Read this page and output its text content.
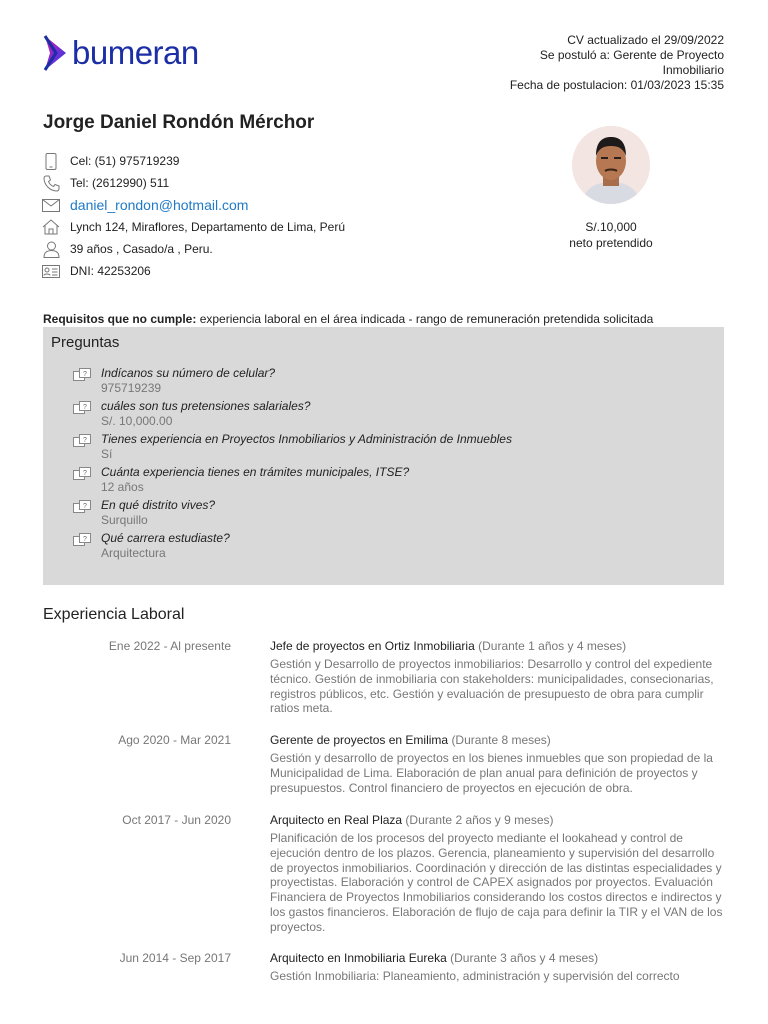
bumeran	CV actualizado el 29/09/2022
Se postuló a: Gerente de Proyecto
Inmobiliario
Fecha de postulacion: 01/03/2023 15:35
Jorge Daniel Rondón Mérchor
Cel: (51) 975719239
Tel: (2612990) 511
daniel_rondon@hotmail.com
Lynch 124, Miraflores, Departamento de Lima, Perú
39 años , Casado/a , Peru.
DNI: 42253206
S/.10,000
neto pretendido
Requisitos que no cumple: experiencia laboral en el área indicada - rango de remuneración pretendida solicitada
Preguntas
? Indícanos su número de celular?
975719239
? cuáles son tus pretensiones salariales?
S/. 10,000.00
? Tienes experiencia en Proyectos Inmobiliarios y Administración de Inmuebles
Sí
? Cuánta experiencia tienes en trámites municipales, ITSE?
12 años
? En qué distrito vives?
Surquillo
? Qué carrera estudiaste?
Arquitectura
Experiencia Laboral
Ene 2022 - Al presente	Jefe de proyectos en Ortiz Inmobiliaria (Durante 1 años y 4 meses)
Gestión y Desarrollo de proyectos inmobiliarios: Desarrollo y control del expediente técnico. Gestión de inmobiliaria con stakeholders: municipalidades, consecionarias, registros públicos, etc. Gestión y evaluación de presupuesto de obra para cumplir ratios meta.
Ago 2020 - Mar 2021	Gerente de proyectos en Emilima (Durante 8 meses)
Gestión y desarrollo de proyectos en los bienes inmuebles que son propiedad de la Municipalidad de Lima. Elaboración de plan anual para definición de proyectos y presupuestos. Control financiero de proyectos en ejecución de obra.
Oct 2017 - Jun 2020	Arquitecto en Real Plaza (Durante 2 años y 9 meses)
Planificación de los procesos del proyecto mediante el lookahead y control de ejecución dentro de los plazos. Gerencia, planeamiento y supervisión del desarrollo de proyectos inmobiliarios. Coordinación y dirección de las distintas especialidades y proyectistas. Elaboración y control de CAPEX asignados por proyectos. Evaluación Financiera de Proyectos Inmobiliarios considerando los costos directos e indirectos y los gastos financieros. Elaboración de flujo de caja para definir la TIR y el VAN de los proyectos.
Jun 2014 - Sep 2017	Arquitecto en Inmobiliaria Eureka (Durante 3 años y 4 meses)
Gestión Inmobiliaria: Planeamiento, administración y supervisión del correcto
